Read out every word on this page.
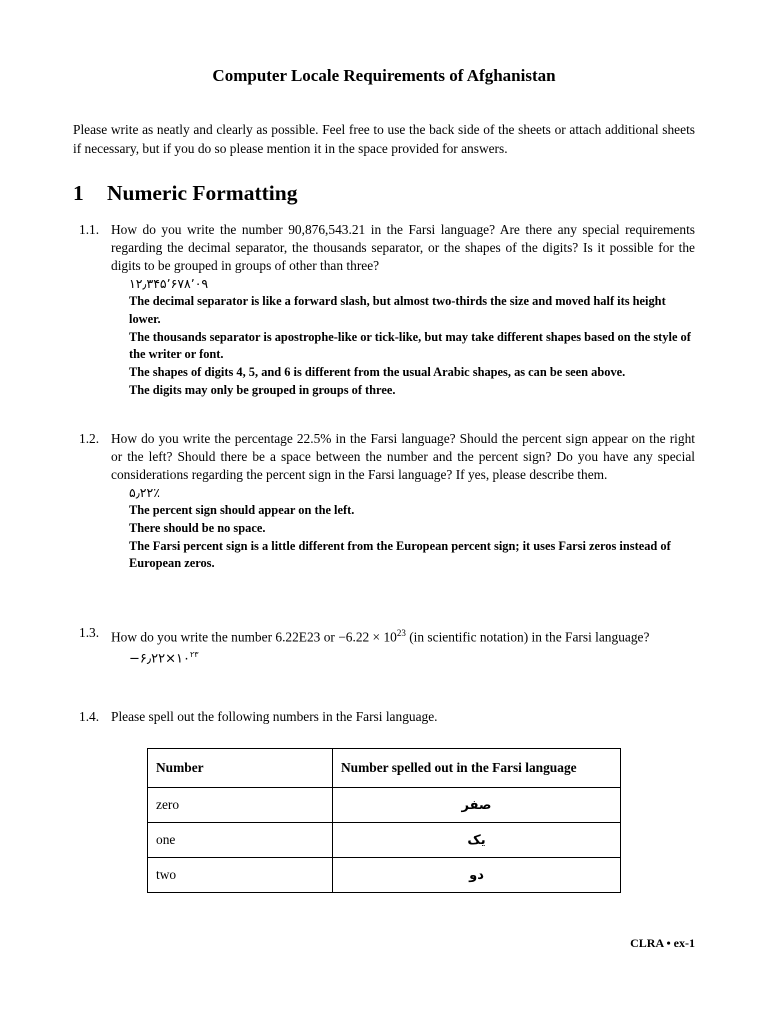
Computer Locale Requirements of Afghanistan
Please write as neatly and clearly as possible. Feel free to use the back side of the sheets or attach additional sheets if necessary, but if you do so please mention it in the space provided for answers.
1 Numeric Formatting
1.1. How do you write the number 90,876,543.21 in the Farsi language? Are there any special requirements regarding the decimal separator, the thousands separator, or the shapes of the digits? Is it possible for the digits to be grouped in groups of other than three?
۹۰٬۸۷۶٬۵۴۳٫۲۱
The decimal separator is like a forward slash, but almost two-thirds the size and moved half its height lower.
The thousands separator is apostrophe-like or tick-like, but may take different shapes based on the style of the writer or font.
The shapes of digits 4, 5, and 6 is different from the usual Arabic shapes, as can be seen above.
The digits may only be grouped in groups of three.
1.2. How do you write the percentage 22.5% in the Farsi language? Should the percent sign appear on the right or the left? Should there be a space between the number and the percent sign? Do you have any special considerations regarding the percent sign in the Farsi language? If yes, please describe them.
٪۲۲٫۵
The percent sign should appear on the left.
There should be no space.
The Farsi percent sign is a little different from the European percent sign; it uses Farsi zeros instead of European zeros.
1.3. How do you write the number 6.22E23 or $-6.22 \times 10^{23}$ (in scientific notation) in the Farsi language?
$-۶٫۲۲\times ۱۰^{۲۳}$
1.4. Please spell out the following numbers in the Farsi language.
Number	Number spelled out in the Farsi language
zero	صفر
one	یک
two	دو
CLRA • ex-1
